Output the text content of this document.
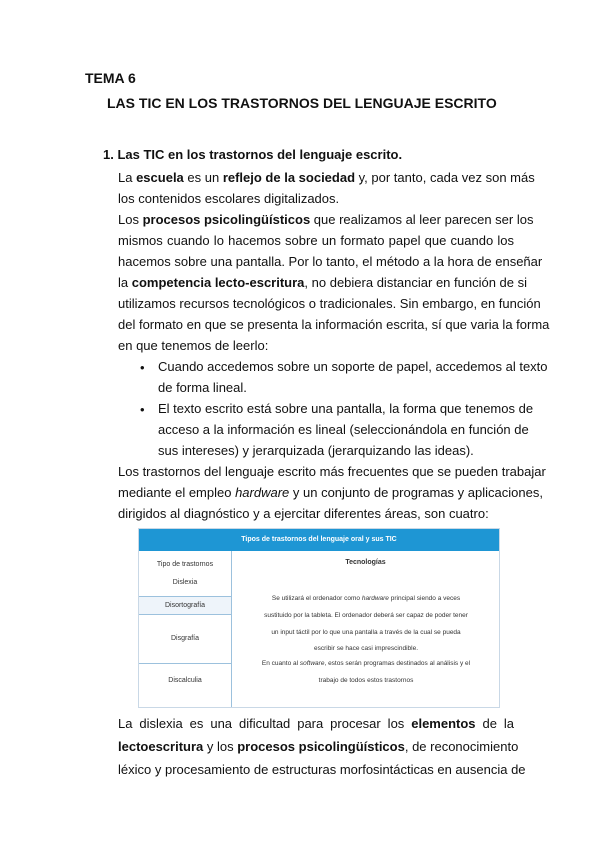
TEMA 6
LAS TIC EN LOS TRASTORNOS DEL LENGUAJE ESCRITO
1. Las TIC en los trastornos del lenguaje escrito.
La escuela es un reflejo de la sociedad y, por tanto, cada vez son más
los contenidos escolares digitalizados.
Los procesos psicolingüísticos que realizamos al leer parecen ser los
mismos cuando lo hacemos sobre un formato papel que cuando los
hacemos sobre una pantalla. Por lo tanto, el método a la hora de enseñar
la competencia lecto-escritura, no debiera distanciar en función de si
utilizamos recursos tecnológicos o tradicionales. Sin embargo, en función
del formato en que se presenta la información escrita, sí que varia la forma
en que tenemos de leerlo:
• Cuando accedemos sobre un soporte de papel, accedemos al texto
de forma lineal.
• El texto escrito está sobre una pantalla, la forma que tenemos de
acceso a la información es lineal (seleccionándola en función de
sus intereses) y jerarquizada (jerarquizando las ideas).
Los trastornos del lenguaje escrito más frecuentes que se pueden trabajar
mediante el empleo hardware y un conjunto de programas y aplicaciones,
dirigidos al diagnóstico y a ejercitar diferentes áreas, son cuatro:
Tipos de trastornos del lenguaje oral y sus TIC
Tipo de trastornos
Dislexia
Disortografía
Disgrafía
Discalculia
Tecnologías
Se utilizará el ordenador como hardware principal siendo a veces
sustituido por la tableta. El ordenador deberá ser capaz de poder tener
un input táctil por lo que una pantalla a través de la cual se pueda
escribir se hace casi imprescindible.
En cuanto al software, estos serán programas destinados al análisis y el
trabajo de todos estos trastornos
La dislexia es una dificultad para procesar los elementos de la
lectoescritura y los procesos psicolingüísticos, de reconocimiento
léxico y procesamiento de estructuras morfosintácticas en ausencia de
